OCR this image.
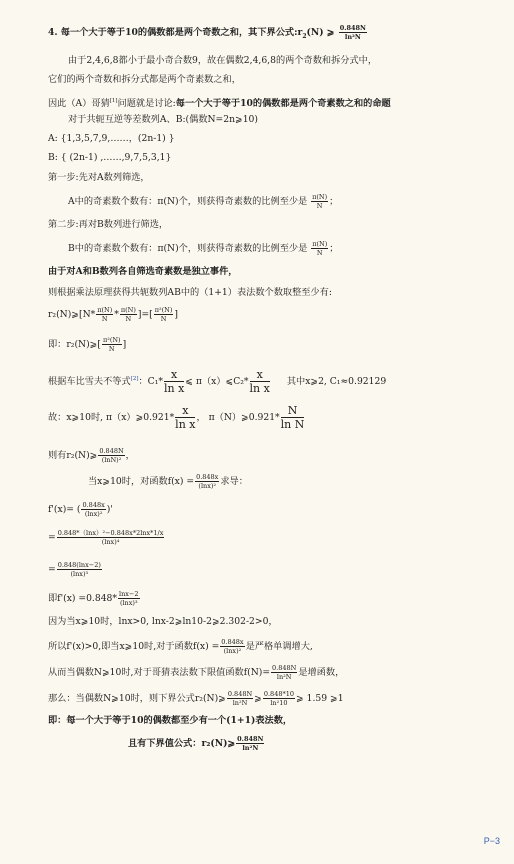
4. 每一个大于等于10的偶数都是两个奇数之和，其下界公式$:r_2(N)$ ⩾ $\frac{0.848N}{\text{ln²N}}$
由于2,4,6,8都小于最小奇合数9，故在偶数2,4,6,8的两个奇数和拆分式中，
它们的两个奇数和拆分式都是两个奇素数之和，
因此（A）哥猜[1]问题就是讨论:每一个大于等于10的偶数都是两个奇素数之和的命题
对于共轭互逆等差数列A、B:(偶数N=2n⩾10)
A: {1,3,5,7,9,……，(2n-1) }
B: { (2n-1) ,……,9,7,5,3,1}
第一步:先对A数列筛选，
A中的奇素数个数有：π(N)个，则获得奇素数的比例至少是 $\frac{\pi(N)}{N}$ ；
第二步:再对B数列进行筛选，
B中的奇素数个数有：π(N)个，则获得奇素数的比例至少是 $\frac{\pi(N)}{N}$ ；
由于对A和B数列各自筛选奇素数是独立事件，
则根据乘法原理获得共轭数列AB中的（1+1）表法数个数取整至少有:
r₂(N)⩾[N* $\frac{\pi(N)}{N} * \frac{\pi(N)}{N}$ ]=[ $\frac{\text{π²(N)}}{N}$ ]
即：r₂(N)⩾[ $\frac{\text{π²(N)}}{N}$ ]
根据车比雪夫不等式[2]：$C_1* \frac{x}{\text{ln x}}$ ⩽ π（x）⩽C₂* $\frac{x}{\text{ln x}}$ 其中x⩾2, C₁≈0.92129
故：x⩾10时, π（x）⩾0.921* $\frac{x}{\text{ln x}}$ ， π（N）⩾0.921* $\frac{N}{\text{ln N}}$
则有r₂(N)⩾ $\frac{0.848N}{\text{(lnN)²}}$ ，
当x⩾10时，对函数$f(x) = \frac{0.848x}{\text{(lnx)²}}$ 求导：
f'(x)= ( $\frac{0.848x}{\text{(lnx)²}}$ )'
= $\frac{\text{0.848*（lnx）²−0.848x*2lnx*1/x}}{\text{(lnx)⁴}}$
= $\frac{0.848(\ln x-2)}{\text{(lnx)³}}$
即$f'(x) =0.848* \frac{\ln x-2}{\text{(lnx)³}}$
因为当x⩾10时，lnx>0, lnx-2⩾ln10-2⩾2.302-2>0，
所以f'(x)>0,即当x⩾10时,对于函数$f(x) = \frac{0.848x}{\text{(lnx)²}}$ 是严格单调增大,
从而当偶数N⩾10时,对于哥猜表法数下限值函数$f(N)= \frac{0.848N}{\text{ln²N}}$ 是增函数，
那么：当偶数N⩾10时，则下界公式r₂(N)⩾ $\frac{0.848N}{\text{ln²N}}$ ⩾ $\frac{0.848*10}{\text{ln²10}}$ ⩾ 1.59 ⩾1
即：每一个大于等于10的偶数都至少有一个(1+1)表法数，
且有下界值公式：r₂(N)⩾ $\frac{0.848N}{\text{ln²N}}$
P−3
